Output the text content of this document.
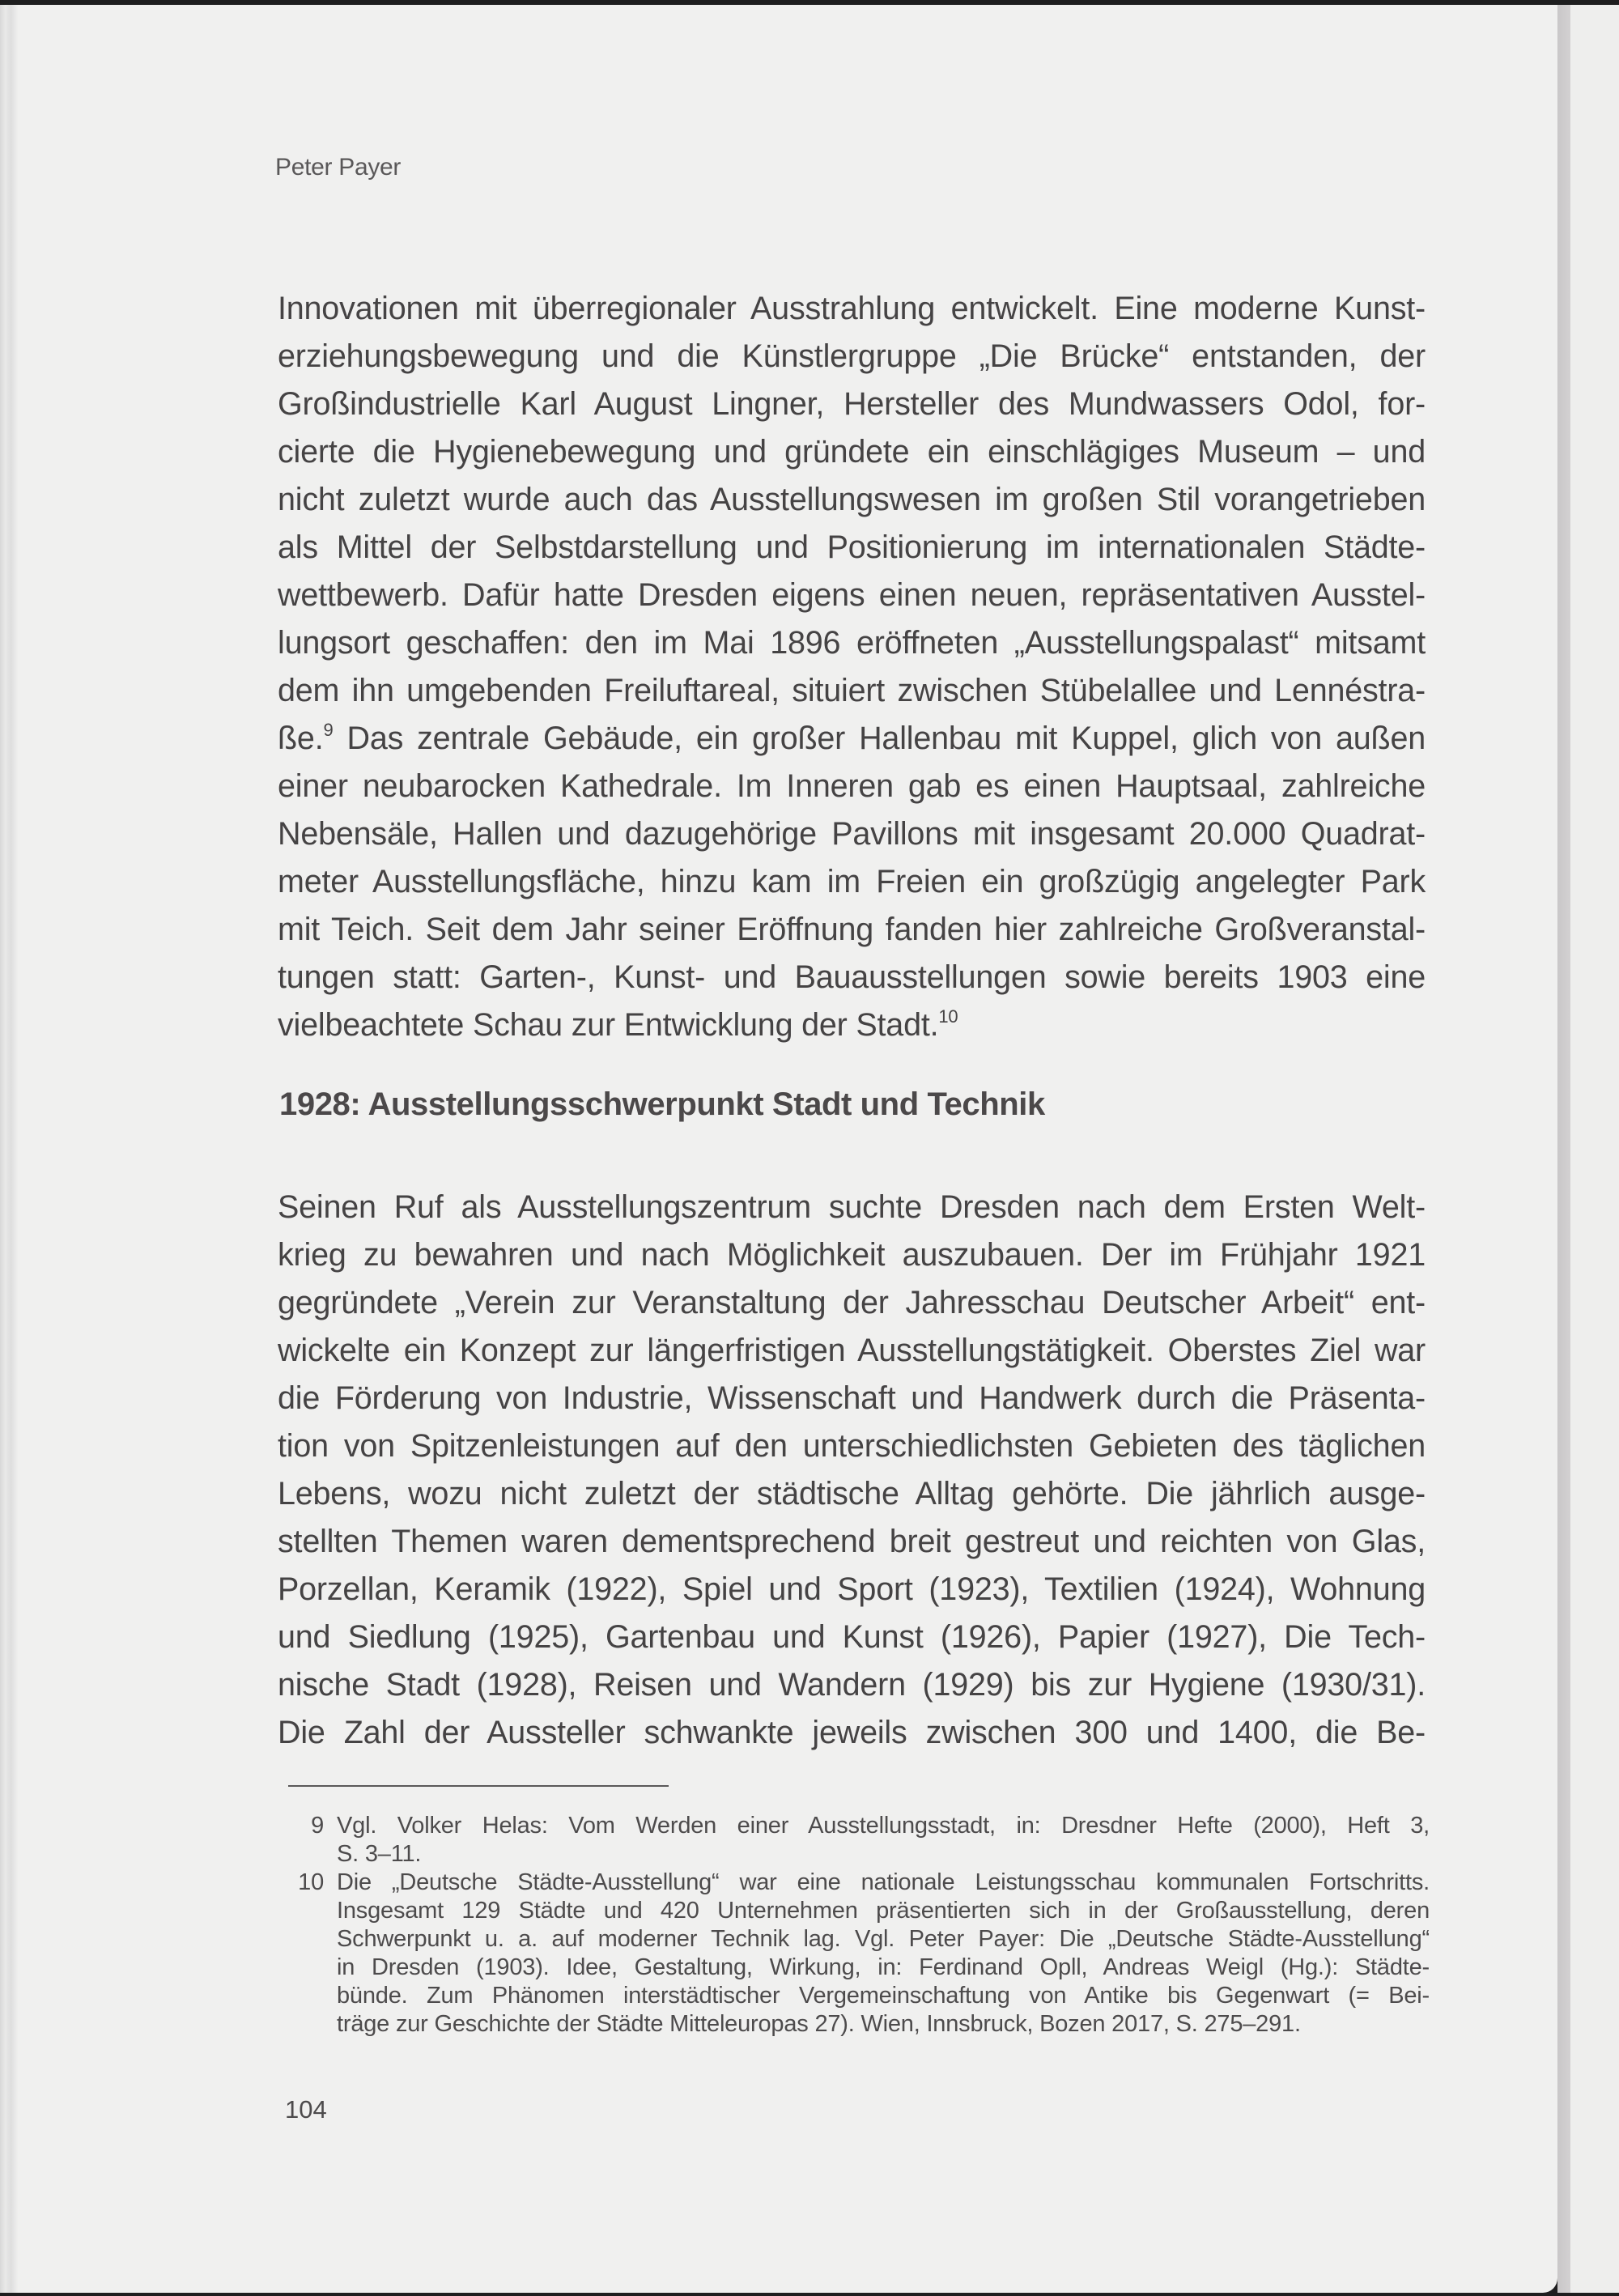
Peter Payer
Innovationen mit überregionaler Ausstrahlung entwickelt. Eine moderne Kunst-
erziehungsbewegung und die Künstlergruppe „Die Brücke“ entstanden, der
Großindustrielle Karl August Lingner, Hersteller des Mundwassers Odol, for-
cierte die Hygienebewegung und gründete ein einschlägiges Museum – und
nicht zuletzt wurde auch das Ausstellungswesen im großen Stil vorangetrieben
als Mittel der Selbstdarstellung und Positionierung im internationalen Städte-
wettbewerb. Dafür hatte Dresden eigens einen neuen, repräsentativen Ausstel-
lungsort geschaffen: den im Mai 1896 eröffneten „Ausstellungspalast“ mitsamt
dem ihn umgebenden Freiluftareal, situiert zwischen Stübelallee und Lennéstra-
ße.$^9$ Das zentrale Gebäude, ein großer Hallenbau mit Kuppel, glich von außen
einer neubarocken Kathedrale. Im Inneren gab es einen Hauptsaal, zahlreiche
Nebensäle, Hallen und dazugehörige Pavillons mit insgesamt 20.000 Quadrat-
meter Ausstellungsfläche, hinzu kam im Freien ein großzügig angelegter Park
mit Teich. Seit dem Jahr seiner Eröffnung fanden hier zahlreiche Großveranstal-
tungen statt: Garten-, Kunst- und Bauausstellungen sowie bereits 1903 eine
vielbeachtete Schau zur Entwicklung der Stadt.$^{10}$
1928: Ausstellungsschwerpunkt Stadt und Technik
Seinen Ruf als Ausstellungszentrum suchte Dresden nach dem Ersten Welt-
krieg zu bewahren und nach Möglichkeit auszubauen. Der im Frühjahr 1921
gegründete „Verein zur Veranstaltung der Jahresschau Deutscher Arbeit“ ent-
wickelte ein Konzept zur längerfristigen Ausstellungstätigkeit. Oberstes Ziel war
die Förderung von Industrie, Wissenschaft und Handwerk durch die Präsenta-
tion von Spitzenleistungen auf den unterschiedlichsten Gebieten des täglichen
Lebens, wozu nicht zuletzt der städtische Alltag gehörte. Die jährlich ausge-
stellten Themen waren dementsprechend breit gestreut und reichten von Glas,
Porzellan, Keramik (1922), Spiel und Sport (1923), Textilien (1924), Wohnung
und Siedlung (1925), Gartenbau und Kunst (1926), Papier (1927), Die Tech-
nische Stadt (1928), Reisen und Wandern (1929) bis zur Hygiene (1930/31).
Die Zahl der Aussteller schwankte jeweils zwischen 300 und 1400, die Be-
9 Vgl. Volker Helas: Vom Werden einer Ausstellungsstadt, in: Dresdner Hefte (2000), Heft 3,
S. 3–11.
10 Die „Deutsche Städte-Ausstellung“ war eine nationale Leistungsschau kommunalen Fortschritts.
Insgesamt 129 Städte und 420 Unternehmen präsentierten sich in der Großausstellung, deren
Schwerpunkt u. a. auf moderner Technik lag. Vgl. Peter Payer: Die „Deutsche Städte-Ausstellung“
in Dresden (1903). Idee, Gestaltung, Wirkung, in: Ferdinand Opll, Andreas Weigl (Hg.): Städte-
bünde. Zum Phänomen interstädtischer Vergemeinschaftung von Antike bis Gegenwart (= Bei-
träge zur Geschichte der Städte Mitteleuropas 27). Wien, Innsbruck, Bozen 2017, S. 275–291.
104
